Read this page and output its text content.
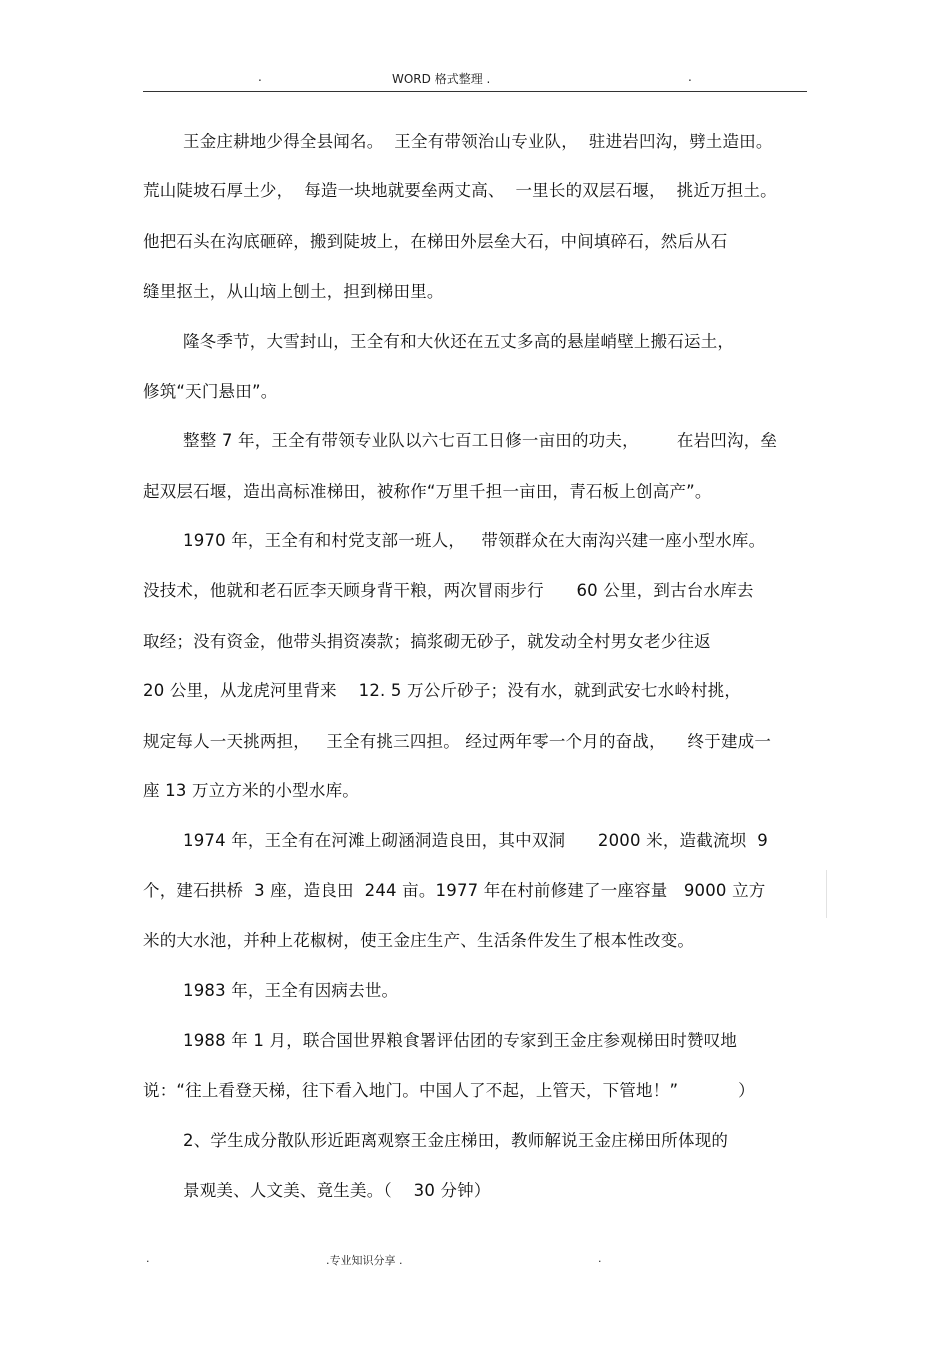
.	WORD 格式整理 .	.
王金庄耕地少得全县闻名。  王全有带领治山专业队，  驻进岩凹沟，劈土造田。
荒山陡坡石厚土少，  每造一块地就要垒两丈高、  一里长的双层石堰，  挑近万担土。
他把石头在沟底砸碎，搬到陡坡上，在梯田外层垒大石，中间填碎石，然后从石
缝里抠土，从山垴上刨土，担到梯田里。
隆冬季节，大雪封山，王全有和大伙还在五丈多高的悬崖峭壁上搬石运土，
修筑“天门悬田”。
整整 7 年，王全有带领专业队以六七百工日修一亩田的功夫，       在岩凹沟，垒
起双层石堰，造出高标准梯田，被称作“万里千担一亩田，青石板上创高产”。
1970 年，王全有和村党支部一班人，   带领群众在大南沟兴建一座小型水库。
没技术，他就和老石匠李天顾身背干粮，两次冒雨步行      60 公里，到古台水库去
取经；没有资金，他带头捐资凑款；搞浆砌无砂子，就发动全村男女老少往返
20 公里，从龙虎河里背来    12. 5 万公斤砂子；没有水，就到武安七水岭村挑，
规定每人一天挑两担，   王全有挑三四担。 经过两年零一个月的奋战，    终于建成一
座 13 万立方米的小型水库。
1974 年，王全有在河滩上砌涵洞造良田，其中双洞      2000 米，造截流坝  9
个，建石拱桥  3 座，造良田  244 亩。1977 年在村前修建了一座容量   9000 立方
米的大水池，并种上花椒树，使王金庄生产、生活条件发生了根本性改变。
1983 年，王全有因病去世。
1988 年 1 月，联合国世界粮食署评估团的专家到王金庄参观梯田时赞叹地
说：“往上看登天梯，往下看入地门。中国人了不起，上管天，下管地！”           ）
2、学生成分散队形近距离观察王金庄梯田，教师解说王金庄梯田所体现的
景观美、人文美、竟生美。（    30 分钟）
.	.专业知识分享 .	.
